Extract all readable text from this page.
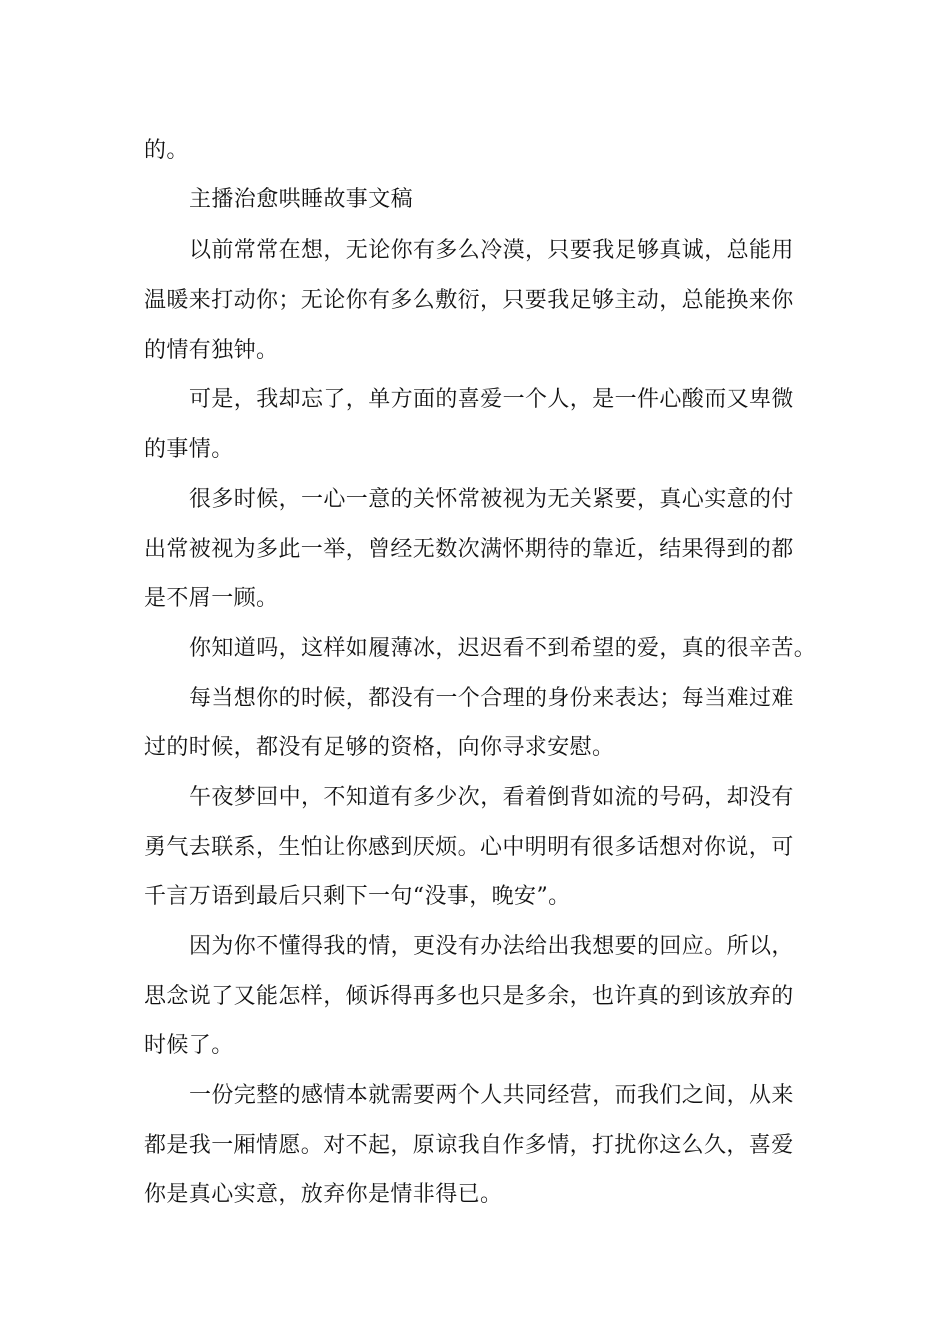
的。
主播治愈哄睡故事文稿
以前常常在想，无论你有多么冷漠，只要我足够真诚，总能用
温暖来打动你；无论你有多么敷衍，只要我足够主动，总能换来你
的情有独钟。
可是，我却忘了，单方面的喜爱一个人，是一件心酸而又卑微
的事情。
很多时候，一心一意的关怀常被视为无关紧要，真心实意的付
出常被视为多此一举，曾经无数次满怀期待的靠近，结果得到的都
是不屑一顾。
你知道吗，这样如履薄冰，迟迟看不到希望的爱，真的很辛苦。
每当想你的时候，都没有一个合理的身份来表达；每当难过难
过的时候，都没有足够的资格，向你寻求安慰。
午夜梦回中，不知道有多少次，看着倒背如流的号码，却没有
勇气去联系，生怕让你感到厌烦。心中明明有很多话想对你说，可
千言万语到最后只剩下一句“没事，晚安”。
因为你不懂得我的情，更没有办法给出我想要的回应。所以，
思念说了又能怎样，倾诉得再多也只是多余，也许真的到该放弃的
时候了。
一份完整的感情本就需要两个人共同经营，而我们之间，从来
都是我一厢情愿。对不起，原谅我自作多情，打扰你这么久，喜爱
你是真心实意，放弃你是情非得已。
